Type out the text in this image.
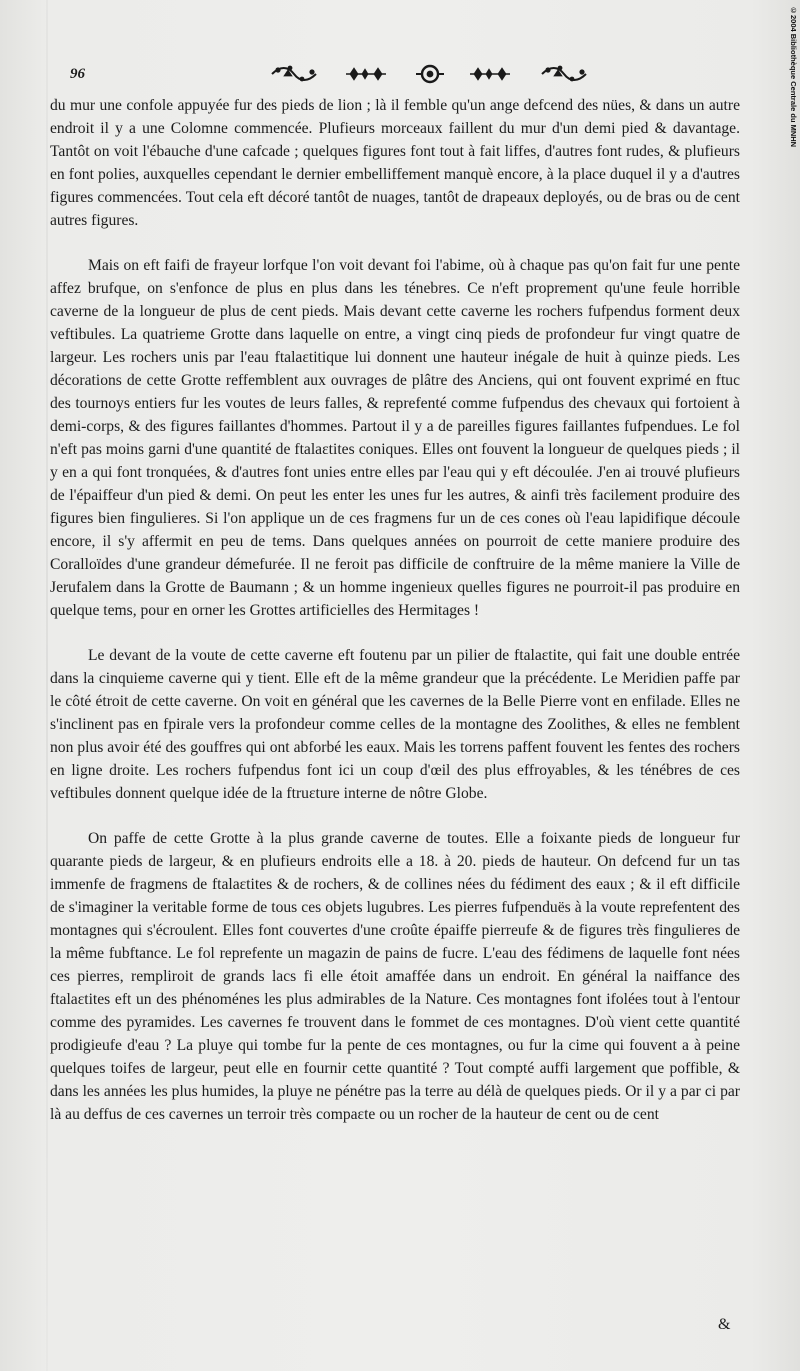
©2004 Bibliothèque Centrale du MNHN
96

du mur une confole appuyée fur des pieds de lion ; là il femble qu'un ange defcend des nües, & dans un autre endroit il y a une Colomne commencée. Plufieurs morceaux faillent du mur d'un demi pied & davantage. Tantôt on voit l'ébauche d'une cafcade ; quelques figures font tout à fait liffes, d'autres font rudes, & plufieurs en font polies, auxquelles cependant le dernier embelliffement manquè encore, à la place duquel il y a d'autres figures commencées. Tout cela eft décoré tantôt de nuages, tantôt de drapeaux deployés, ou de bras ou de cent autres figures.

Mais on eft faifi de frayeur lorfque l'on voit devant foi l'abime, où à chaque pas qu'on fait fur une pente affez brufque, on s'enfonce de plus en plus dans les ténebres. Ce n'eft proprement qu'une feule horrible caverne de la longueur de plus de cent pieds. Mais devant cette caverne les rochers fufpendus forment deux veftibules. La quatrieme Grotte dans laquelle on entre, a vingt cinq pieds de profondeur fur vingt quatre de largeur. Les rochers unis par l'eau ftalaɛtitique lui donnent une hauteur inégale de huit à quinze pieds. Les décorations de cette Grotte reffemblent aux ouvrages de plâtre des Anciens, qui ont fouvent exprimé en ftuc des tournoys entiers fur les voutes de leurs falles, & reprefenté comme fufpendus des chevaux qui fortoient à demi-corps, & des figures faillantes d'hommes. Partout il y a de pareilles figures faillantes fufpendues. Le fol n'eft pas moins garni d'une quantité de ftalaɛtites coniques. Elles ont fouvent la longueur de quelques pieds ; il y en a qui font tronquées, & d'autres font unies entre elles par l'eau qui y eft découlée. J'en ai trouvé plufieurs de l'épaiffeur d'un pied & demi. On peut les enter les unes fur les autres, & ainfi très facilement produire des figures bien fingulieres. Si l'on applique un de ces fragmens fur un de ces cones où l'eau lapidifique découle encore, il s'y affermit en peu de tems. Dans quelques années on pourroit de cette maniere produire des Coralloïdes d'une grandeur démefurée. Il ne feroit pas difficile de conftruire de la même maniere la Ville de Jerufalem dans la Grotte de Baumann ; & un homme ingenieux quelles figures ne pourroit-il pas produire en quelque tems, pour en orner les Grottes artificielles des Hermitages !

Le devant de la voute de cette caverne eft foutenu par un pilier de ftalaɛtite, qui fait une double entrée dans la cinquieme caverne qui y tient. Elle eft de la même grandeur que la précédente. Le Meridien paffe par le côté étroit de cette caverne. On voit en général que les cavernes de la Belle Pierre vont en enfilade. Elles ne s'inclinent pas en fpirale vers la profondeur comme celles de la montagne des Zoolithes, & elles ne femblent non plus avoir été des gouffres qui ont abforbé les eaux. Mais les torrens paffent fouvent les fentes des rochers en ligne droite. Les rochers fufpendus font ici un coup d'œil des plus effroyables, & les ténébres de ces veftibules donnent quelque idée de la ftruɛture interne de nôtre Globe.

On paffe de cette Grotte à la plus grande caverne de toutes. Elle a foixante pieds de longueur fur quarante pieds de largeur, & en plufieurs endroits elle a 18. à 20. pieds de hauteur. On defcend fur un tas immenfe de fragmens de ftalaɛtites & de rochers, & de collines nées du fédiment des eaux ; & il eft difficile de s'imaginer la veritable forme de tous ces objets lugubres. Les pierres fufpenduës à la voute reprefentent des montagnes qui s'écroulent. Elles font couvertes d'une croûte épaiffe pierreufe & de figures très fingulieres de la même fubftance. Le fol reprefente un magazin de pains de fucre. L'eau des fédimens de laquelle font nées ces pierres, rempliroit de grands lacs fi elle étoit amaffée dans un endroit. En général la naiffance des ftalaɛtites eft un des phénoménes les plus admirables de la Nature. Ces montagnes font ifolées tout à l'entour comme des pyramides. Les cavernes fe trouvent dans le fommet de ces montagnes. D'où vient cette quantité prodigieufe d'eau ? La pluye qui tombe fur la pente de ces montagnes, ou fur la cime qui fouvent a à peine quelques toifes de largeur, peut elle en fournir cette quantité ? Tout compté auffi largement que poffible, & dans les années les plus humides, la pluye ne pénétre pas la terre au délà de quelques pieds. Or il y a par ci par là au deffus de ces cavernes un terroir très compaɛte ou un rocher de la hauteur de cent ou de cent

&
